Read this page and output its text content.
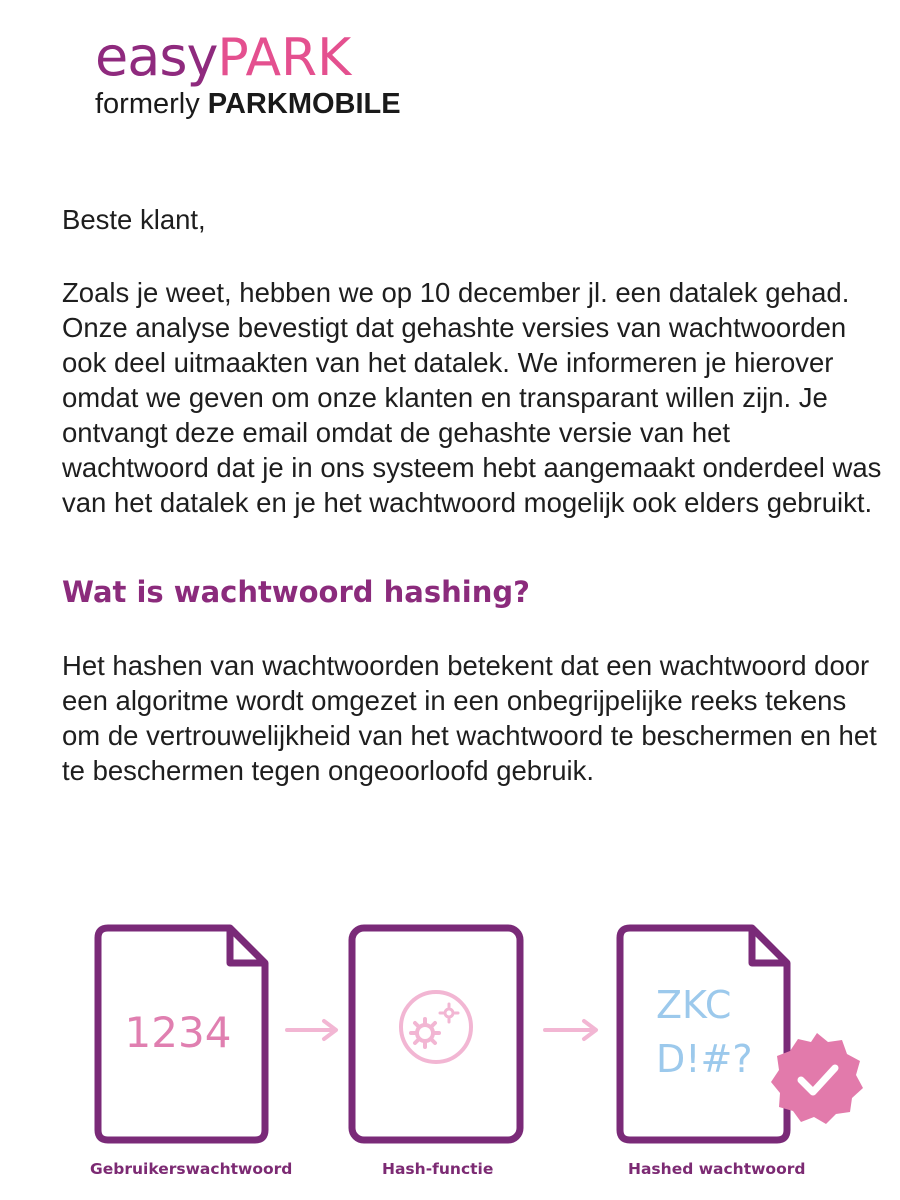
easy PARK
formerly PARKMOBILE

Beste klant,

Zoals je weet, hebben we op 10 december jl. een datalek gehad. Onze analyse bevestigt dat gehashte versies van wachtwoorden ook deel uitmaakten van het datalek. We informeren je hierover omdat we geven om onze klanten en transparant willen zijn. Je ontvangt deze email omdat de gehashte versie van het wachtwoord dat je in ons systeem hebt aangemaakt onderdeel was van het datalek en je het wachtwoord mogelijk ook elders gebruikt.

Wat is wachtwoord hashing?

Het hashen van wachtwoorden betekent dat een wachtwoord door een algoritme wordt omgezet in een onbegrijpelijke reeks tekens om de vertrouwelijkheid van het wachtwoord te beschermen en het te beschermen tegen ongeoorloofd gebruik.

1234
ZKC
D!#?
Gebruikerswachtwoord	Hash-functie	Hashed wachtwoord
